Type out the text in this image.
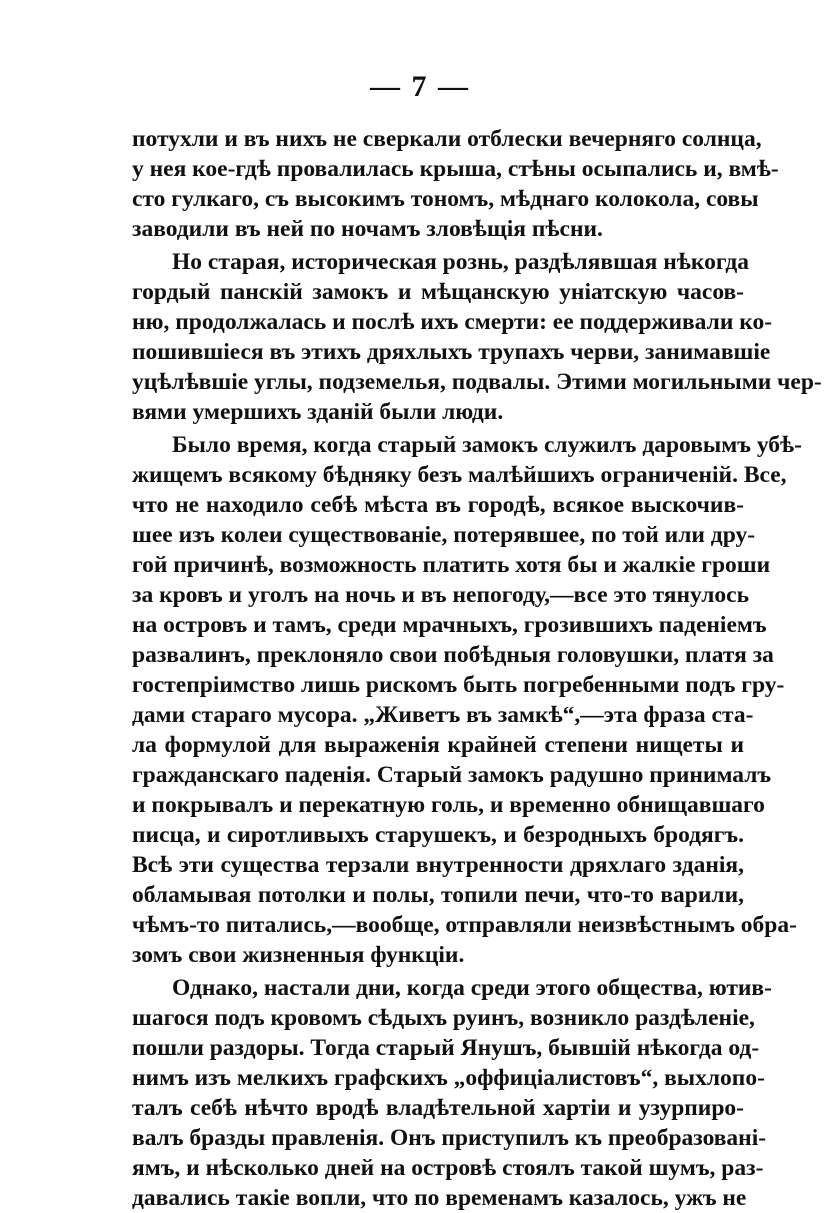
— 7 —
потухли и въ нихъ не сверкали отблески вечерняго солнца,
у нея кое-гдѣ провалилась крыша, стѣны осыпались и, вмѣ-
сто гулкаго, съ высокимъ тономъ, мѣднаго колокола, совы
заводили въ ней по ночамъ зловѣщія пѣсни.
Но старая, историческая рознь, раздѣлявшая нѣкогда
гордый панскій замокъ и мѣщанскую уніатскую часов-
ню, продолжалась и послѣ ихъ смерти: ее поддерживали ко-
пошившіеся въ этихъ дряхлыхъ трупахъ черви, занимавшіе
уцѣлѣвшіе углы, подземелья, подвалы. Этими могильными чер-
вями умершихъ зданій были люди.
Было время, когда старый замокъ служилъ даровымъ убѣ-
жищемъ всякому бѣдняку безъ малѣйшихъ ограниченій. Все,
что не находило себѣ мѣста въ городѣ, всякое выскочив-
шее изъ колеи существованіе, потерявшее, по той или дру-
гой причинѣ, возможность платить хотя бы и жалкіе гроши
за кровъ и уголъ на ночь и въ непогоду,—все это тянулось
на островъ и тамъ, среди мрачныхъ, грозившихъ паденіемъ
развалинъ, преклоняло свои побѣдныя головушки, платя за
гостепріимство лишь рискомъ быть погребенными подъ гру-
дами стараго мусора. „Живетъ въ замкѣ“,—эта фраза ста-
ла формулой для выраженія крайней степени нищеты и
гражданскаго паденія. Старый замокъ радушно принималъ
и покрывалъ и перекатную голь, и временно обнищавшаго
писца, и сиротливыхъ старушекъ, и безродныхъ бродягъ.
Всѣ эти существа терзали внутренности дряхлаго зданія,
обламывая потолки и полы, топили печи, что-то варили,
чѣмъ-то питались,—вообще, отправляли неизвѣстнымъ обра-
зомъ свои жизненныя функціи.
Однако, настали дни, когда среди этого общества, ютив-
шагося подъ кровомъ сѣдыхъ руинъ, возникло раздѣленіе,
пошли раздоры. Тогда старый Янушъ, бывшій нѣкогда од-
нимъ изъ мелкихъ графскихъ „оффиціалистовъ“, выхлопо-
талъ себѣ нѣчто вродѣ владѣтельной хартіи и узурпиро-
валъ бразды правленія. Онъ приступилъ къ преобразовані-
ямъ, и нѣсколько дней на островѣ стоялъ такой шумъ, раз-
давались такіе вопли, что по временамъ казалось, ужъ не
